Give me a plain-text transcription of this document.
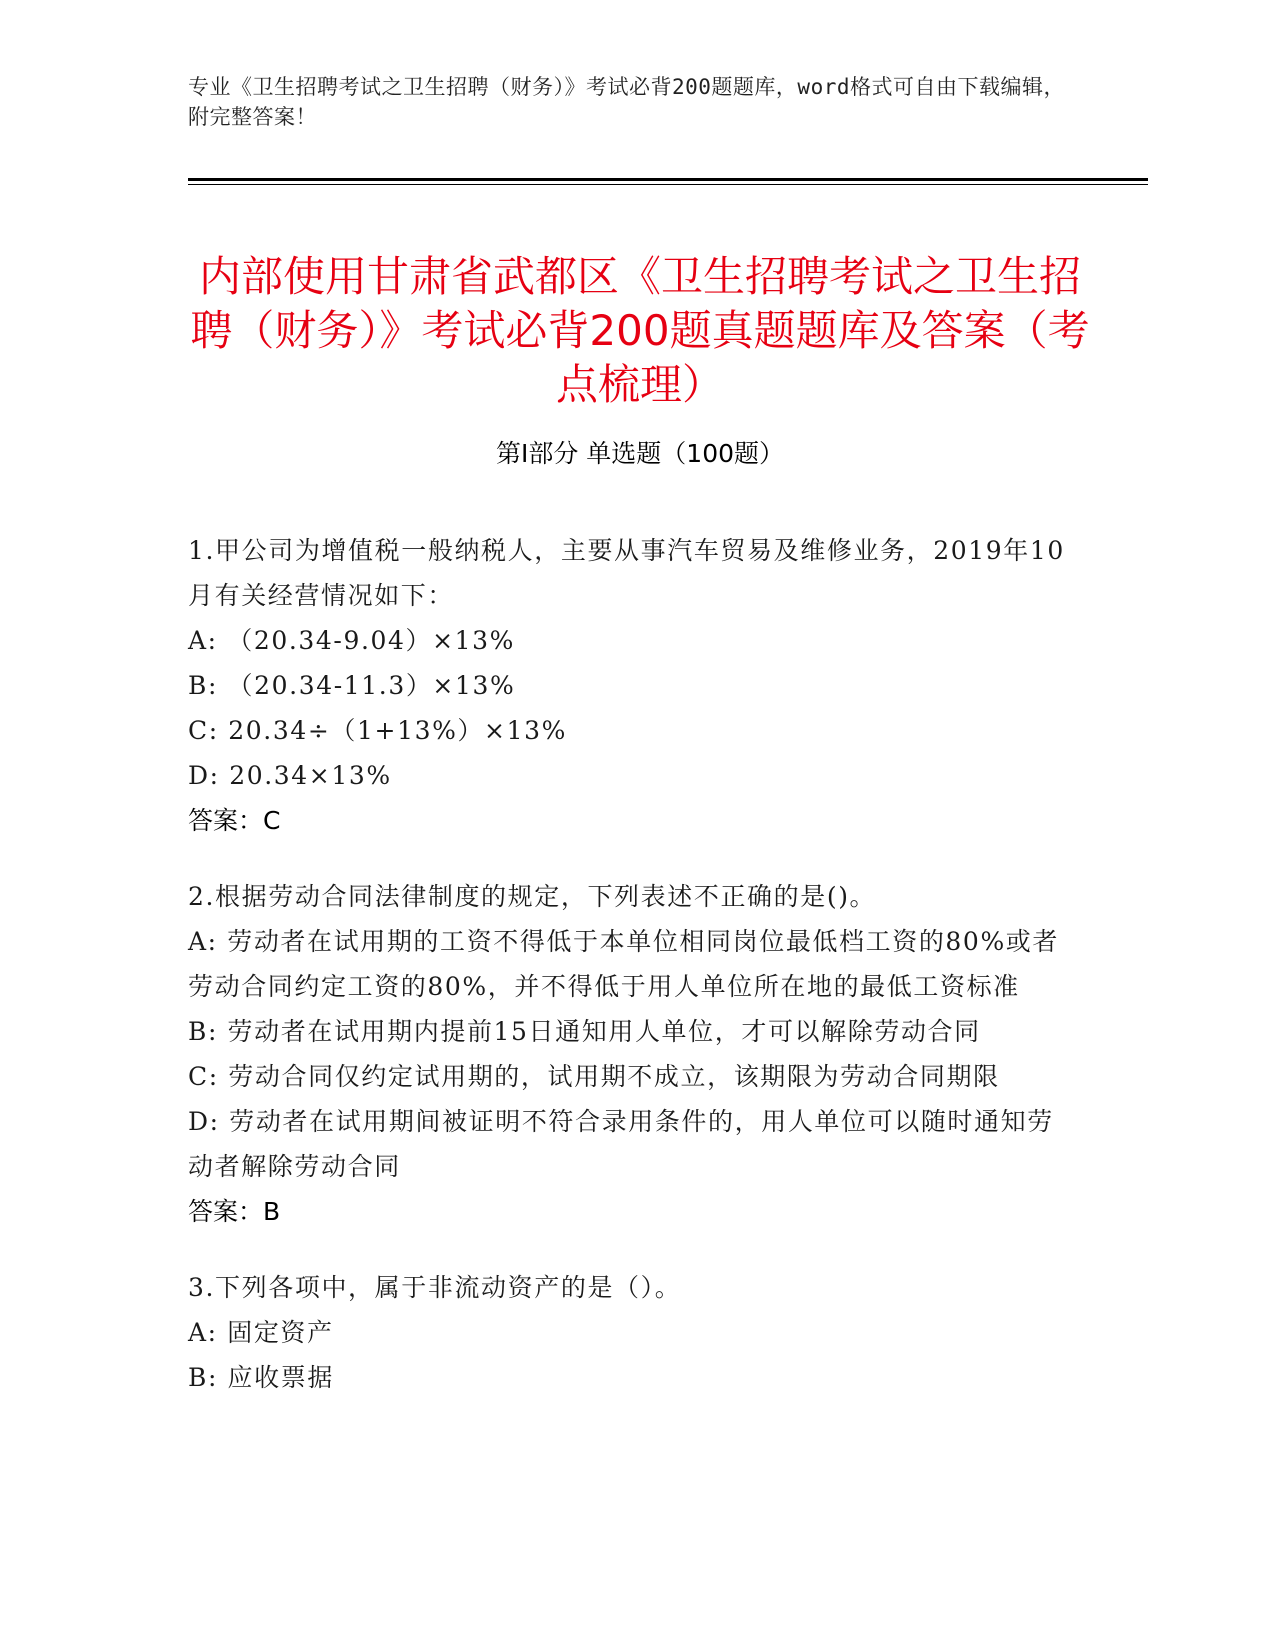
专业《卫生招聘考试之卫生招聘（财务）》考试必背200题题库，word格式可自由下载编辑，附完整答案！
内部使用甘肃省武都区《卫生招聘考试之卫生招聘（财务）》考试必背200题真题题库及答案（考点梳理）
第Ⅰ部分 单选题（100题）
1.甲公司为增值税一般纳税人，主要从事汽车贸易及维修业务，2019年10月有关经营情况如下：
A: （20.34-9.04）×13%
B: （20.34-11.3）×13%
C: 20.34÷（1+13%）×13%
D: 20.34×13%
答案：C
2.根据劳动合同法律制度的规定，下列表述不正确的是()。
A: 劳动者在试用期的工资不得低于本单位相同岗位最低档工资的80%或者劳动合同约定工资的80%，并不得低于用人单位所在地的最低工资标准
B: 劳动者在试用期内提前15日通知用人单位，才可以解除劳动合同
C: 劳动合同仅约定试用期的，试用期不成立，该期限为劳动合同期限
D: 劳动者在试用期间被证明不符合录用条件的，用人单位可以随时通知劳动者解除劳动合同
答案：B
3.下列各项中，属于非流动资产的是（）。
A: 固定资产
B: 应收票据
